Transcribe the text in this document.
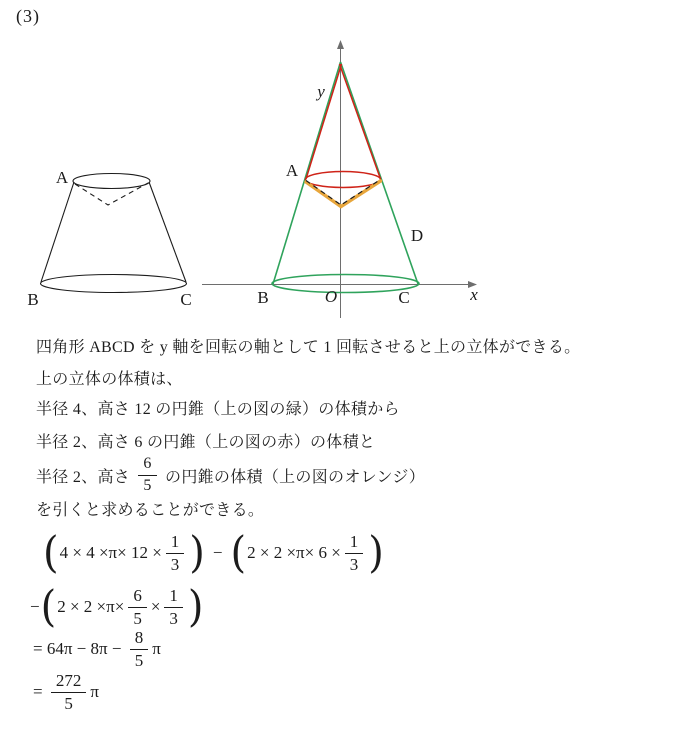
(3)
A
B	C
A
B	C
D
O	x
y
四角形 ABCD を y 軸を回転の軸として 1 回転させると上の立体ができる。
上の立体の体積は、
半径 4、高さ 12 の円錐（上の図の緑）の体積から
半径 2、高さ 6 の円錐（上の図の赤）の体積と
半径 2、高さ $\frac{6}{5}$ の円錐の体積（上の図のオレンジ）
を引くと求めることができる。
( $4 \times 4 \times\pi\times 12 \times \frac{1}{3}$ ) − ( $2 \times 2 \times\pi\times 6 \times \frac{1}{3}$ )
− ( $2 \times 2 \times\pi\times \frac{6}{5} \times \frac{1}{3}$ )
= $64\pi - 8\pi - \frac{8}{5}$ π
= $\frac{272}{5}$ π
